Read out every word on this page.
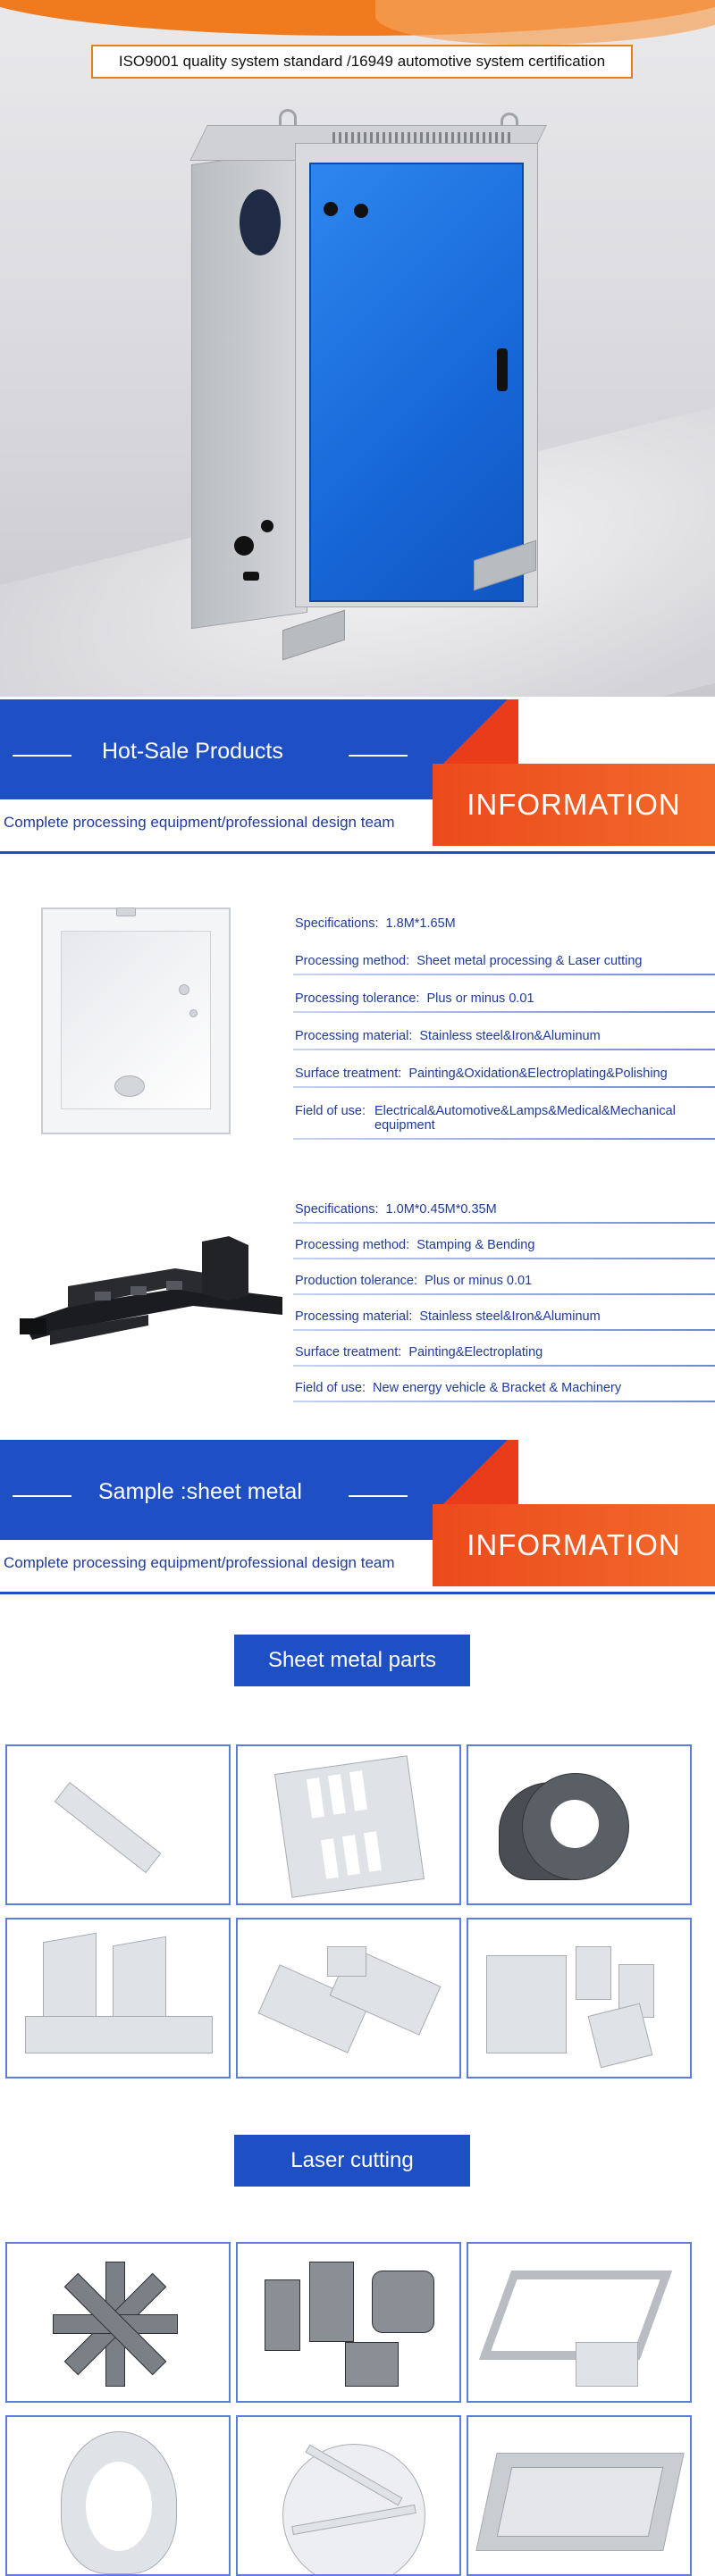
ISO9001 quality system standard /16949 automotive system certification
Hot-Sale Products
Complete processing equipment/professional design team
INFORMATION
Specifications: 1.8M*1.65M
Processing method: Sheet metal processing & Laser cutting
Processing tolerance: Plus or minus 0.01
Processing material: Stainless steel&Iron&Aluminum
Surface treatment: Painting&Oxidation&Electroplating&Polishing
Field of use: Electrical&Automotive&Lamps&Medical&Mechanical equipment
Specifications: 1.0M*0.45M*0.35M
Processing method: Stamping & Bending
Production tolerance: Plus or minus 0.01
Processing material: Stainless steel&Iron&Aluminum
Surface treatment: Painting&Electroplating
Field of use: New energy vehicle & Bracket & Machinery
Sample :sheet metal
Complete processing equipment/professional design team
INFORMATION
Sheet metal parts
Laser cutting
